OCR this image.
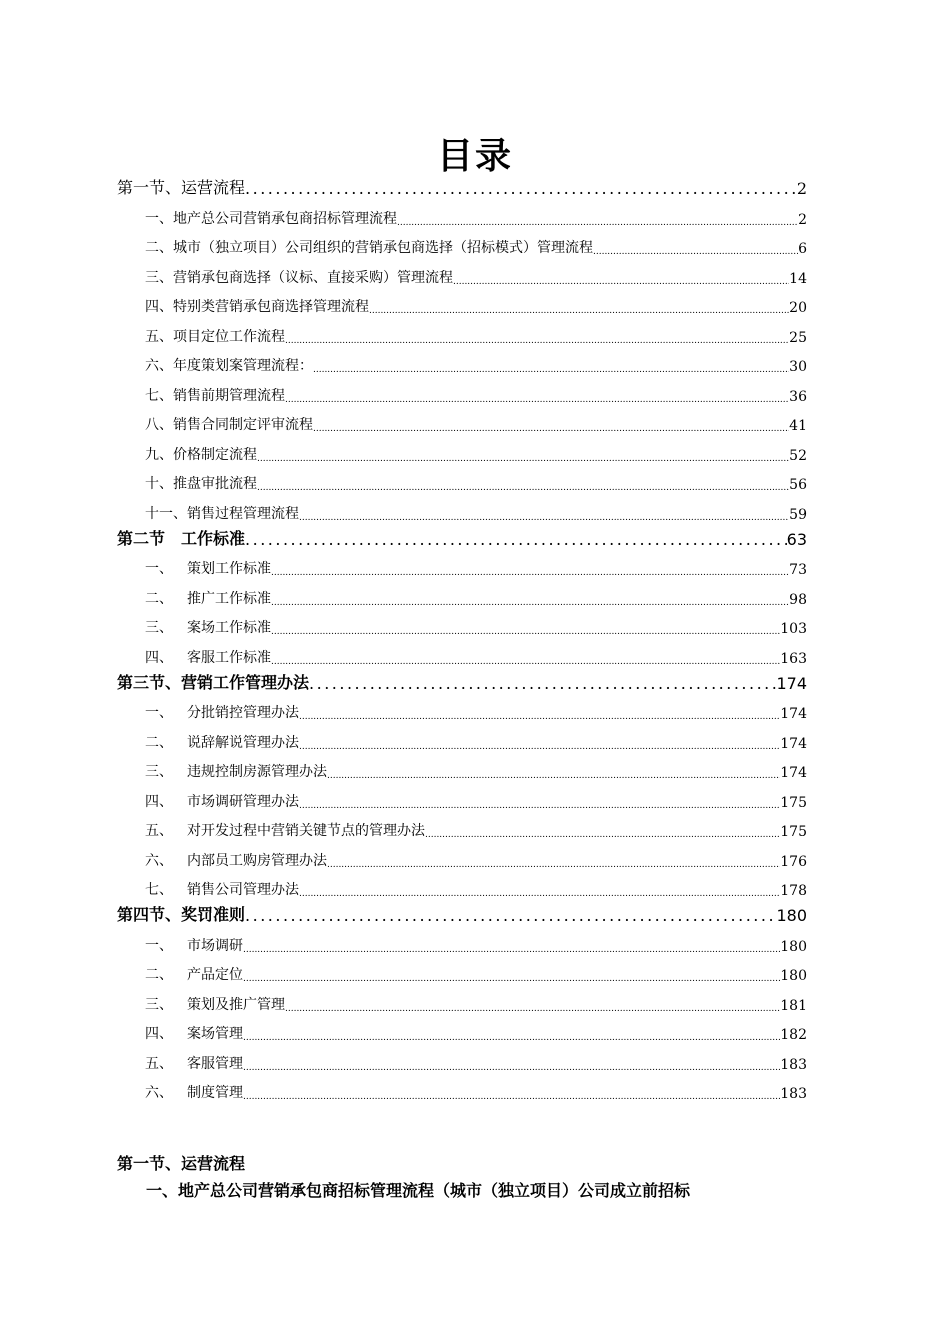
目录
第一节、运营流程 .....	2
一、地产总公司营销承包商招标管理流程 .....	2
二、城市（独立项目）公司组织的营销承包商选择（招标模式）管理流程 .....	6
三、营销承包商选择（议标、直接采购）管理流程 .....	14
四、特别类营销承包商选择管理流程 .....	20
五、项目定位工作流程 .....	25
六、年度策划案管理流程： .....	30
七、销售前期管理流程 .....	36
八、销售合同制定评审流程 .....	41
九、价格制定流程 .....	52
十、推盘审批流程 .....	56
十一、销售过程管理流程 .....	59
第二节　工作标准 .....	63
一、 策划工作标准 .....	73
二、 推广工作标准 .....	98
三、 案场工作标准 .....	103
四、 客服工作标准 .....	163
第三节、营销工作管理办法 .....	174
一、 分批销控管理办法 .....	174
二、 说辞解说管理办法 .....	174
三、 违规控制房源管理办法 .....	174
四、 市场调研管理办法 .....	175
五、 对开发过程中营销关键节点的管理办法 .....	175
六、 内部员工购房管理办法 .....	176
七、 销售公司管理办法 .....	178
第四节、奖罚准则 .....	180
一、 市场调研 .....	180
二、 产品定位 .....	180
三、 策划及推广管理 .....	181
四、 案场管理 .....	182
五、 客服管理 .....	183
六、 制度管理 .....	183
第一节、运营流程
一、地产总公司营销承包商招标管理流程（城市（独立项目）公司成立前招标
